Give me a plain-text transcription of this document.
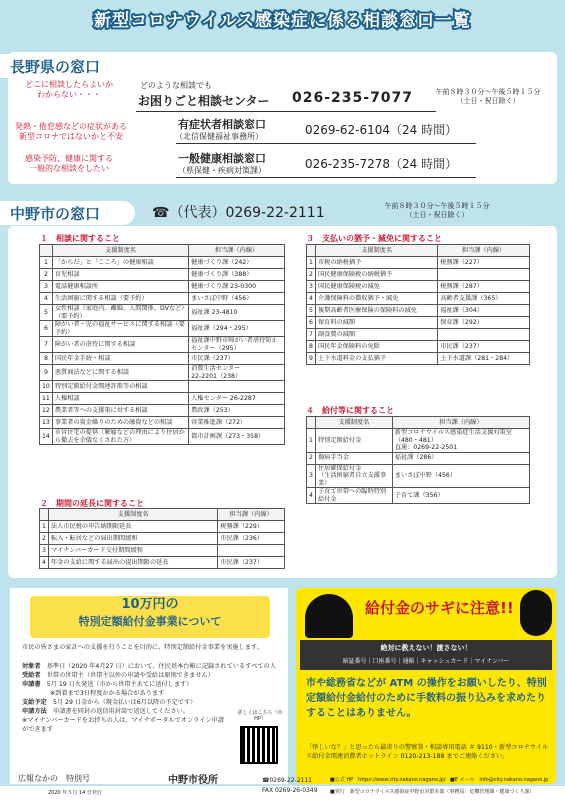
新型コロナウイルス感染症に係る相談窓口一覧
長野県の窓口
どこに相談したらよいか
わからない・・・
発熱・倦怠感などの症状がある
新型コロナではないかと不安
感染予防、健康に関する
一般的な相談をしたい
どのような相談でも
お困りごと相談センター 026-235-7077	午前８時３０分～午後５時１５分
（土日・祝日除く）
有症状者相談窓口
（北信保健福祉事務所）	0269-62-6104（24 時間）
一般健康相談窓口
（県保健・疾病対策課）	026-235-7278（24 時間）
中野市の窓口	☎（代表）0269-22-2111	午前８時３０分～午後５時１５分
（土日・祝日除く）
１　相談に関すること
	支援制度名	担当課（内線）
1	「からだ」と「こころ」の健康相談	健康づくり課（242）
2	育児相談	健康づくり課（388）
3	電話健康相談所	健康づくり課 23-0300
4	生活困窮に関する相談（要予約）	まいさぽ中野（456）
5	女性相談（家庭内、離婚、人間関係、DVなど）（要予約）	福祉課 23-4810
6	障がい者・児の福祉サービスに関する相談（要予約）	福祉課（294・295）
7	障がい者の虐待に関する相談	福祉課中野市障がい者虐待防止センター（295）
8	国民年金手続・相談	市民課（237）
9	悪質商法などに関する相談	消費生活センター
22-2201（238）
10	特別定額給付金関連詐欺等の相談	
11	人権相談	人権センター 26-2287
12	農業者等への支援策に対する相談	農政課（253）
13	事業者の資金繰りのための融資などの相談	営業推進課（272）
14	市営住宅の提供（解雇などの理由により住居から撤去を余儀なくされた方）	都市計画課（273・358）
２　期間の延長に関すること
	支援制度名	担当課（内線）
1	法人市民税の申告納期限延長	税務課（229）
2	転入・転居などの届出期間緩和	市民課（236）
3	マイナンバーカード交付期間緩和	
4	年金の支給に関する届出の提出期限の延長	市民課（237）
３　支払いの猶予・減免に関すること
	支援制度名	担当課（内線）
1	市税の納税猶予	税務課（227）
2	国民健康保険税の納税猶予	
3	国民健康保険税の減免	税務課（287）
4	介護保険料の徴収猶予・減免	高齢者支援課（365）
5	後期高齢者医療保険の保険料の減免	福祉課（304）
6	保育料の減額	保育課（292）
7	副食費の減額	
8	国民年金保険料の免除	市民課（237）
9	上下水道料金の支払猶予	上下水道課（281・284）
４　給付等に関すること
	支援制度名	担当課（内線）
1	特別定額給付金	新型コロナウイルス感染症生活支援対策室（480・481）
直通：0269-22-2501
2	傷病手当金	福祉課（286）
3	住居確保給付金
（生活困窮者自立支援事業）	まいさぽ中野（456）
4	子育て世帯への臨時特別給付金	子育て課（356）
10万円の
特別定額給付金事業について
市民の皆さまの家計への支援を行うことを目的に、特別定額給付金事業を実施します。
対象者　 基準日（2020 年4月27 日）において、住民基本台帳に記録されているすべての人
受給者　 世帯の世帯主（世帯主以外の申請や受給は原則できません）
申請書　 5月 19 日火発送（市から世帯主あてに送付します）
※到着まで3日程度かかる場合があります
支給予定　 5月 29 日金から（現金払いは6月以降の予定です）
申請方法　 申請書を同封の返信用封筒で返送してください。
※マイナンバーカードをお持ちの人は、マイナポータルでオンライン申請ができます
詳しくはこちら（市 HP）
給付金のサギに注意!!
絶対に教えない！渡さない！
暗証番号｜口座番号｜通帳｜キャッシュカード｜マイナンバー
市や総務省などが ATM の操作をお願いしたり、特別定額給付金給付のために手数料の振り込みを求めたりすることはありません。
「怪しいな？」と思ったら最寄りの警察署・相談専用電話 ＃ 9110・新型コロナウイルス給付金関連消費者ホットライン 0120-213-188 までご連絡ください。
広報なかの　特別号
2020 年５月 14 日発行
中野市役所	☎0269-22-2111
FAX 0269-26-0349
■公式 HP　https://www.city.nakano.nagano.jp/ ■E メール　info@city.nakano.nagano.jp
■発行　新型コロナウイルス感染症中野市対策本部（事務局：危機管理課・健康づくり課）
